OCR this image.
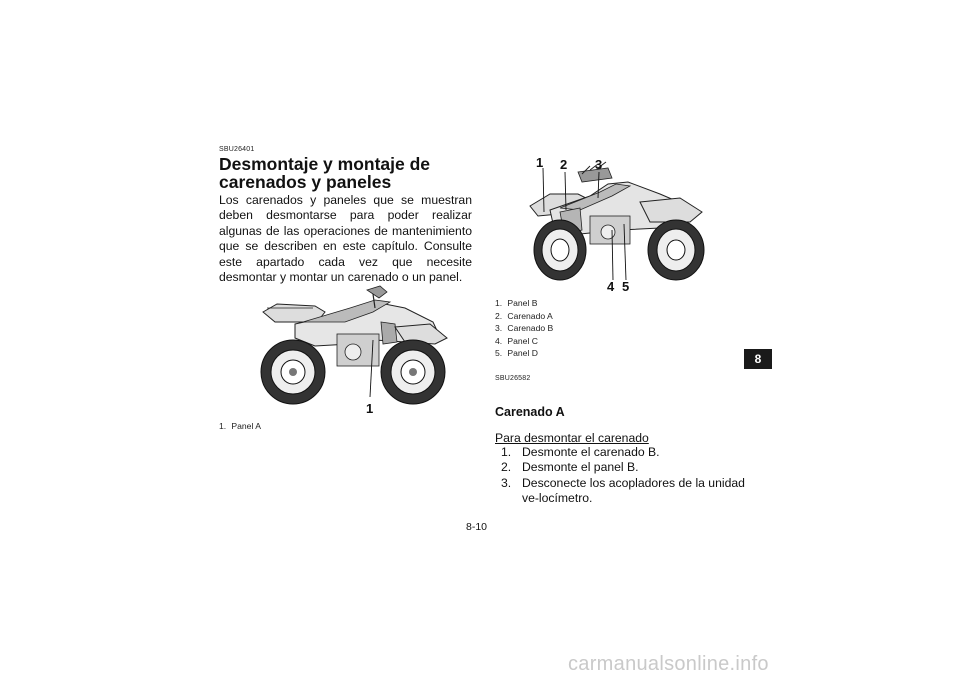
SBU26401
Desmontaje y montaje de carenados y paneles
Los carenados y paneles que se muestran deben desmontarse para poder realizar algunas de las operaciones de mantenimiento que se describen en este capítulo. Consulte este apartado cada vez que necesite desmontar y montar un carenado o un panel.
1
1. Panel A
1 2 3
4 5
1. Panel B
2. Carenado A
3. Carenado B
4. Panel C
5. Panel D
SBU26582
Carenado A
Para desmontar el carenado
1. Desmonte el carenado B.
2. Desmonte el panel B.
3. Desconecte los acopladores de la unidad ve-locímetro.
8
8-10
carmanualsonline.info
